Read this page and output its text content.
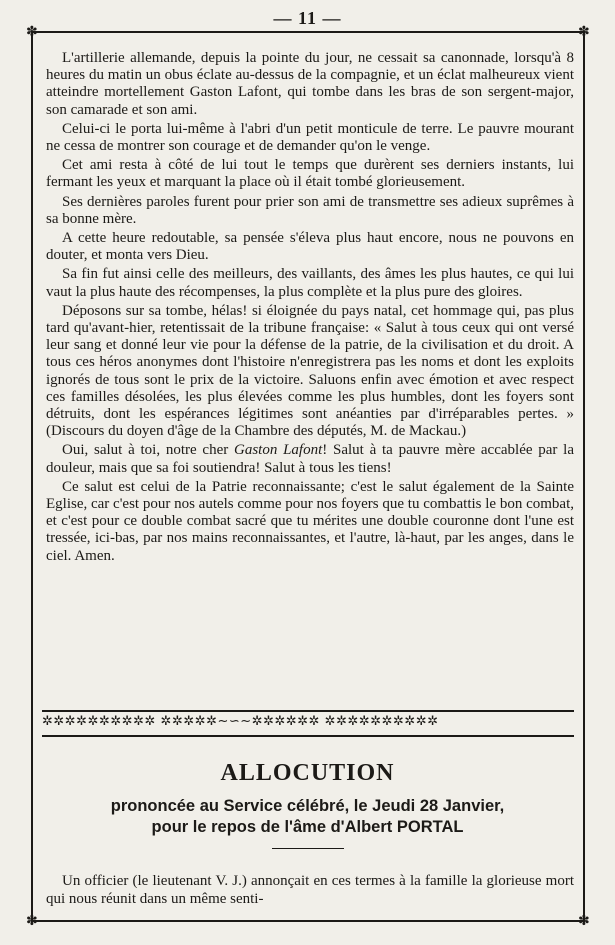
✽	✽
✽	✽
— 11 —

L'artillerie allemande, depuis la pointe du jour, ne cessait sa canonnade, lorsqu'à 8 heures du matin un obus éclate au-dessus de la compagnie, et un éclat malheureux vient atteindre mortellement Gaston Lafont, qui tombe dans les bras de son sergent-major, son camarade et son ami.

Celui-ci le porta lui-même à l'abri d'un petit monticule de terre. Le pauvre mourant ne cessa de montrer son courage et de demander qu'on le venge.

Cet ami resta à côté de lui tout le temps que durèrent ses derniers instants, lui fermant les yeux et marquant la place où il était tombé glorieusement.

Ses dernières paroles furent pour prier son ami de transmettre ses adieux suprêmes à sa bonne mère.

A cette heure redoutable, sa pensée s'éleva plus haut encore, nous ne pouvons en douter, et monta vers Dieu.

Sa fin fut ainsi celle des meilleurs, des vaillants, des âmes les plus hautes, ce qui lui vaut la plus haute des récompenses, la plus complète et la plus pure des gloires.

Déposons sur sa tombe, hélas! si éloignée du pays natal, cet hommage qui, pas plus tard qu'avant-hier, retentissait de la tribune française: « Salut à tous ceux qui ont versé leur sang et donné leur vie pour la défense de la patrie, de la civilisation et du droit. A tous ces héros anonymes dont l'histoire n'enregistrera pas les noms et dont les exploits ignorés de tous sont le prix de la victoire. Saluons enfin avec émotion et avec respect ces familles désolées, les plus élevées comme les plus humbles, dont les foyers sont détruits, dont les espérances légitimes sont anéanties par d'irréparables pertes. » (Discours du doyen d'âge de la Chambre des députés, M. de Mackau.)

Oui, salut à toi, notre cher Gaston Lafont! Salut à ta pauvre mère accablée par la douleur, mais que sa foi soutiendra! Salut à tous les tiens!

Ce salut est celui de la Patrie reconnaissante; c'est le salut également de la Sainte Eglise, car c'est pour nos autels comme pour nos foyers que tu combattis le bon combat, et c'est pour ce double combat sacré que tu mérites une double couronne dont l'une est tressée, ici-bas, par nos mains reconnaissantes, et l'autre, là-haut, par les anges, dans le ciel. Amen.

✲✲✲✲✲✲✲✲✲✲ ✲✲✲✲✲~∽~✲✲✲✲✲✲ ✲✲✲✲✲✲✲✲✲✲
ALLOCUTION
prononcée au Service célébré, le Jeudi 28 Janvier,
pour le repos de l'âme d'Albert PORTAL

Un officier (le lieutenant V. J.) annonçait en ces termes à la famille la glorieuse mort qui nous réunit dans un même senti-
